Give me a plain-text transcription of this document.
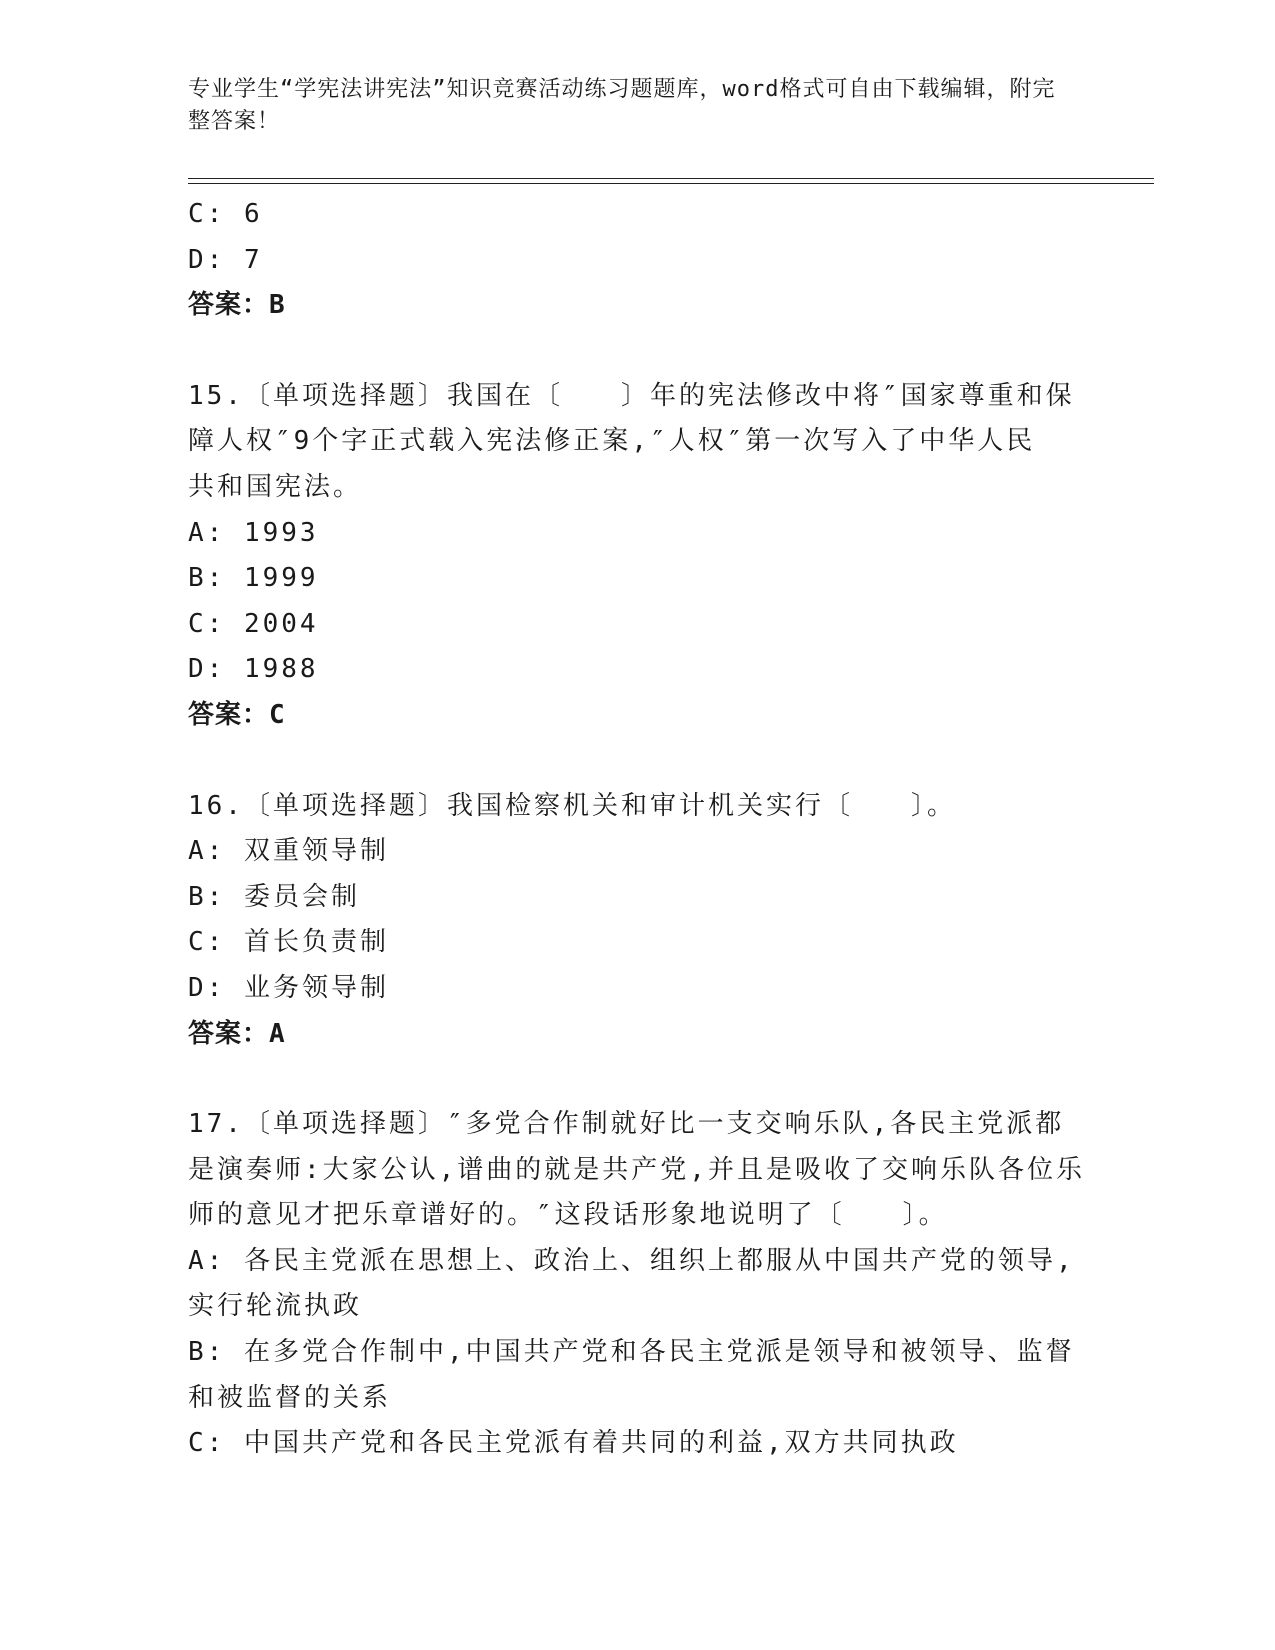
专业学生“学宪法讲宪法”知识竞赛活动练习题题库，word格式可自由下载编辑，附完整答案！
C: 6
D: 7
答案：B
15.〔单项选择题〕我国在〔　　〕年的宪法修改中将″国家尊重和保
障人权″9个字正式载入宪法修正案,″人权″第一次写入了中华人民
共和国宪法。
A: 1993
B: 1999
C: 2004
D: 1988
答案：C
16.〔单项选择题〕我国检察机关和审计机关实行〔　　〕。
A: 双重领导制
B: 委员会制
C: 首长负责制
D: 业务领导制
答案：A
17.〔单项选择题〕″多党合作制就好比一支交响乐队,各民主党派都
是演奏师:大家公认,谱曲的就是共产党,并且是吸收了交响乐队各位乐
师的意见才把乐章谱好的。″这段话形象地说明了〔　　〕。
A: 各民主党派在思想上、政治上、组织上都服从中国共产党的领导,
实行轮流执政
B: 在多党合作制中,中国共产党和各民主党派是领导和被领导、监督
和被监督的关系
C: 中国共产党和各民主党派有着共同的利益,双方共同执政
